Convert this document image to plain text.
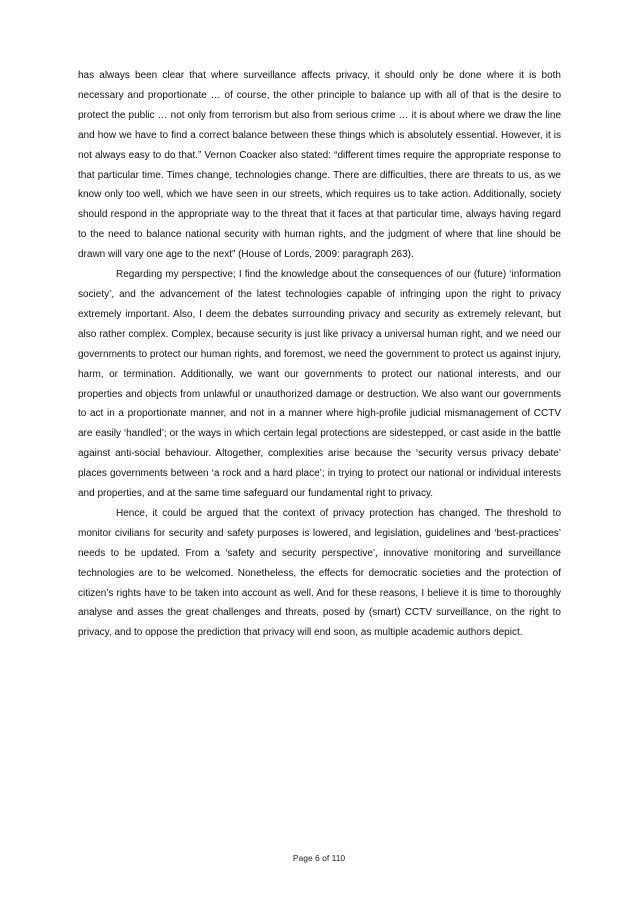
has always been clear that where surveillance affects privacy, it should only be done where it is both necessary and proportionate … of course, the other principle to balance up with all of that is the desire to protect the public … not only from terrorism but also from serious crime … it is about where we draw the line and how we have to find a correct balance between these things which is absolutely essential. However, it is not always easy to do that.” Vernon Coacker also stated: “different times require the appropriate response to that particular time. Times change, technologies change. There are difficulties, there are threats to us, as we know only too well, which we have seen in our streets, which requires us to take action. Additionally, society should respond in the appropriate way to the threat that it faces at that particular time, always having regard to the need to balance national security with human rights, and the judgment of where that line should be drawn will vary one age to the next” (House of Lords, 2009: paragraph 263).

Regarding my perspective; I find the knowledge about the consequences of our (future) ‘information society’, and the advancement of the latest technologies capable of infringing upon the right to privacy extremely important. Also, I deem the debates surrounding privacy and security as extremely relevant, but also rather complex. Complex, because security is just like privacy a universal human right, and we need our governments to protect our human rights, and foremost, we need the government to protect us against injury, harm, or termination. Additionally, we want our governments to protect our national interests, and our properties and objects from unlawful or unauthorized damage or destruction. We also want our governments to act in a proportionate manner, and not in a manner where high-profile judicial mismanagement of CCTV are easily ‘handled’; or the ways in which certain legal protections are sidestepped, or cast aside in the battle against anti-social behaviour. Altogether, complexities arise because the ‘security versus privacy debate’ places governments between ‘a rock and a hard place’; in trying to protect our national or individual interests and properties, and at the same time safeguard our fundamental right to privacy.

Hence, it could be argued that the context of privacy protection has changed. The threshold to monitor civilians for security and safety purposes is lowered, and legislation, guidelines and ‘best-practices’ needs to be updated. From a ‘safety and security perspective’, innovative monitoring and surveillance technologies are to be welcomed. Nonetheless, the effects for democratic societies and the protection of citizen’s rights have to be taken into account as well. And for these reasons, I believe it is time to thoroughly analyse and asses the great challenges and threats, posed by (smart) CCTV surveillance, on the right to privacy, and to oppose the prediction that privacy will end soon, as multiple academic authors depict.

Page 6 of 110
